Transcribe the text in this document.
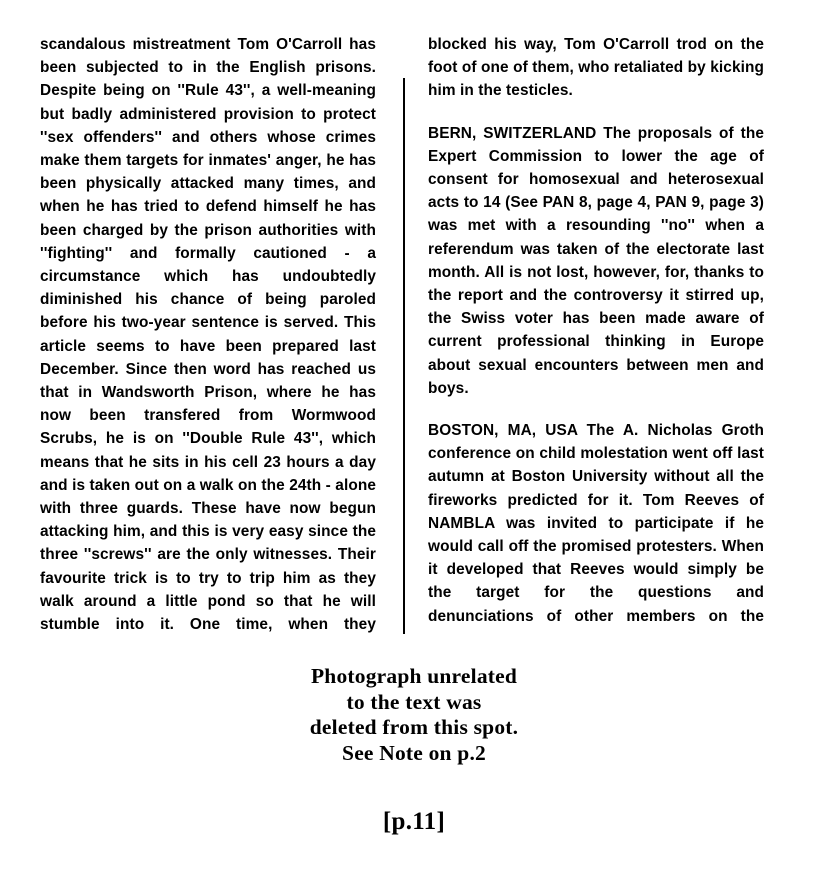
scandalous mistreatment Tom O'Carroll has been subjected to in the English prisons. Despite being on ''Rule 43'', a well-meaning but badly administered provision to protect ''sex offenders'' and others whose crimes make them targets for inmates' anger, he has been physically attacked many times, and when he has tried to defend himself he has been charged by the prison authorities with ''fighting'' and formally cautioned - a circumstance which has undoubtedly diminished his chance of being paroled before his two-year sentence is served. This article seems to have been prepared last December. Since then word has reached us that in Wandsworth Prison, where he has now been transfered from Wormwood Scrubs, he is on ''Double Rule 43'', which means that he sits in his cell 23 hours a day and is taken out on a walk on the 24th - alone with three guards. These have now begun attacking him, and this is very easy since the three ''screws'' are the only witnesses. Their favourite trick is to try to trip him as they walk around a little pond so that he will stumble into it. One time, when they

blocked his way, Tom O'Carroll trod on the foot of one of them, who retaliated by kicking him in the testicles.

BERN, SWITZERLAND The proposals of the Expert Commission to lower the age of consent for homosexual and heterosexual acts to 14 (See PAN 8, page 4, PAN 9, page 3) was met with a resounding ''no'' when a referendum was taken of the electorate last month. All is not lost, however, for, thanks to the report and the controversy it stirred up, the Swiss voter has been made aware of current professional thinking in Europe about sexual encounters between men and boys.

BOSTON, MA, USA The A. Nicholas Groth conference on child molestation went off last autumn at Boston University without all the fireworks predicted for it. Tom Reeves of NAMBLA was invited to participate if he would call off the promised protesters. When it developed that Reeves would simply be the target for the questions and denunciations of other members on the

Photograph unrelated
to the text was
deleted from this spot.
See Note on p.2
[p.11]
